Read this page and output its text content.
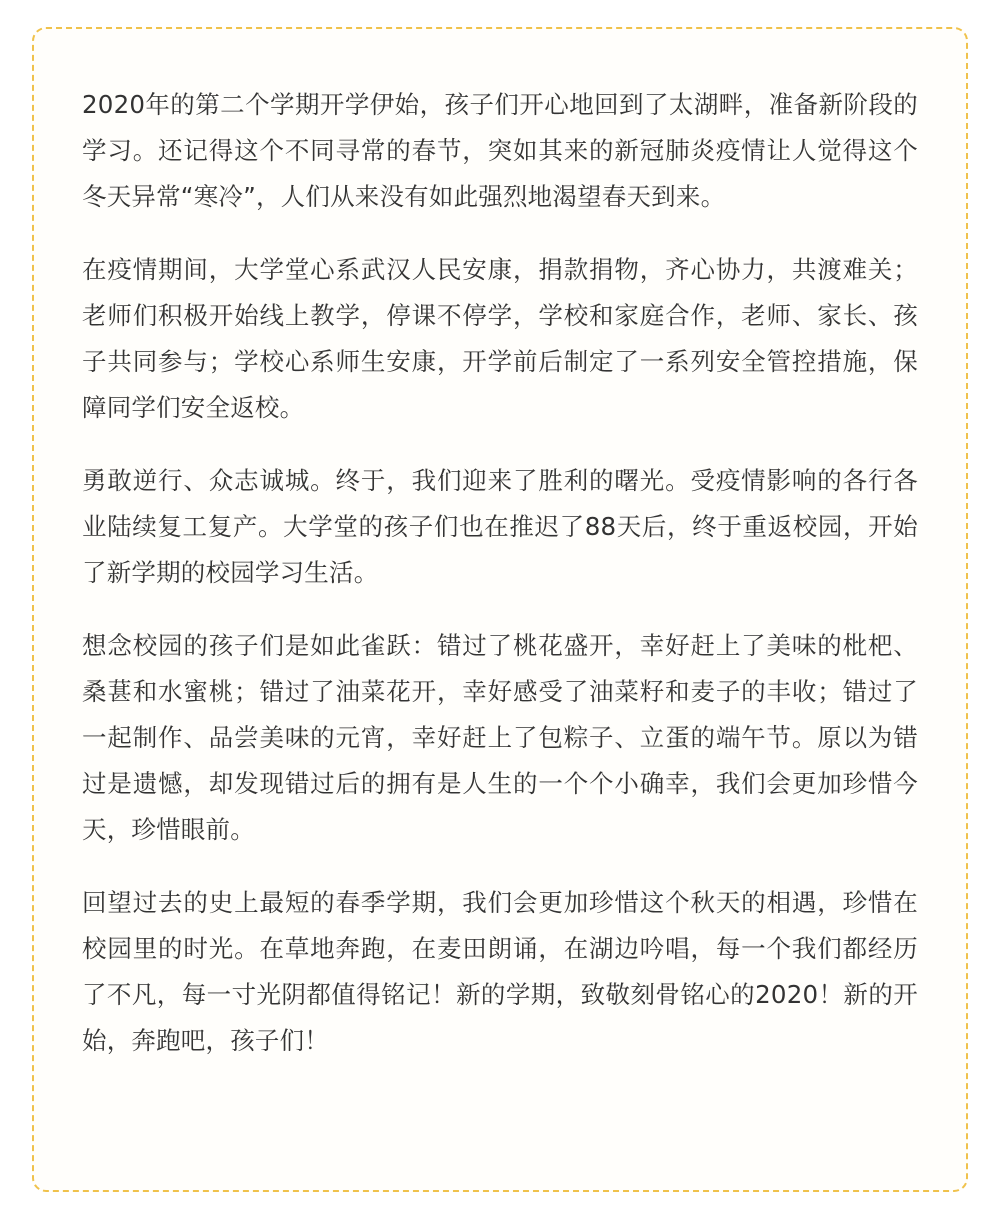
2020年的第二个学期开学伊始，孩子们开心地回到了太湖畔，准备新阶段的学习。还记得这个不同寻常的春节，突如其来的新冠肺炎疫情让人觉得这个冬天异常“寒冷”，人们从来没有如此强烈地渴望春天到来。

在疫情期间，大学堂心系武汉人民安康，捐款捐物，齐心协力，共渡难关；老师们积极开始线上教学，停课不停学，学校和家庭合作，老师、家长、孩子共同参与；学校心系师生安康，开学前后制定了一系列安全管控措施，保障同学们安全返校。

勇敢逆行、众志诚城。终于，我们迎来了胜利的曙光。受疫情影响的各行各业陆续复工复产。大学堂的孩子们也在推迟了88天后，终于重返校园，开始了新学期的校园学习生活。

想念校园的孩子们是如此雀跃：错过了桃花盛开，幸好赶上了美味的枇杷、桑葚和水蜜桃；错过了油菜花开，幸好感受了油菜籽和麦子的丰收；错过了一起制作、品尝美味的元宵，幸好赶上了包粽子、立蛋的端午节。原以为错过是遗憾，却发现错过后的拥有是人生的一个个小确幸，我们会更加珍惜今天，珍惜眼前。

回望过去的史上最短的春季学期，我们会更加珍惜这个秋天的相遇，珍惜在校园里的时光。在草地奔跑，在麦田朗诵，在湖边吟唱，每一个我们都经历了不凡，每一寸光阴都值得铭记！新的学期，致敬刻骨铭心的2020！新的开始，奔跑吧，孩子们！
